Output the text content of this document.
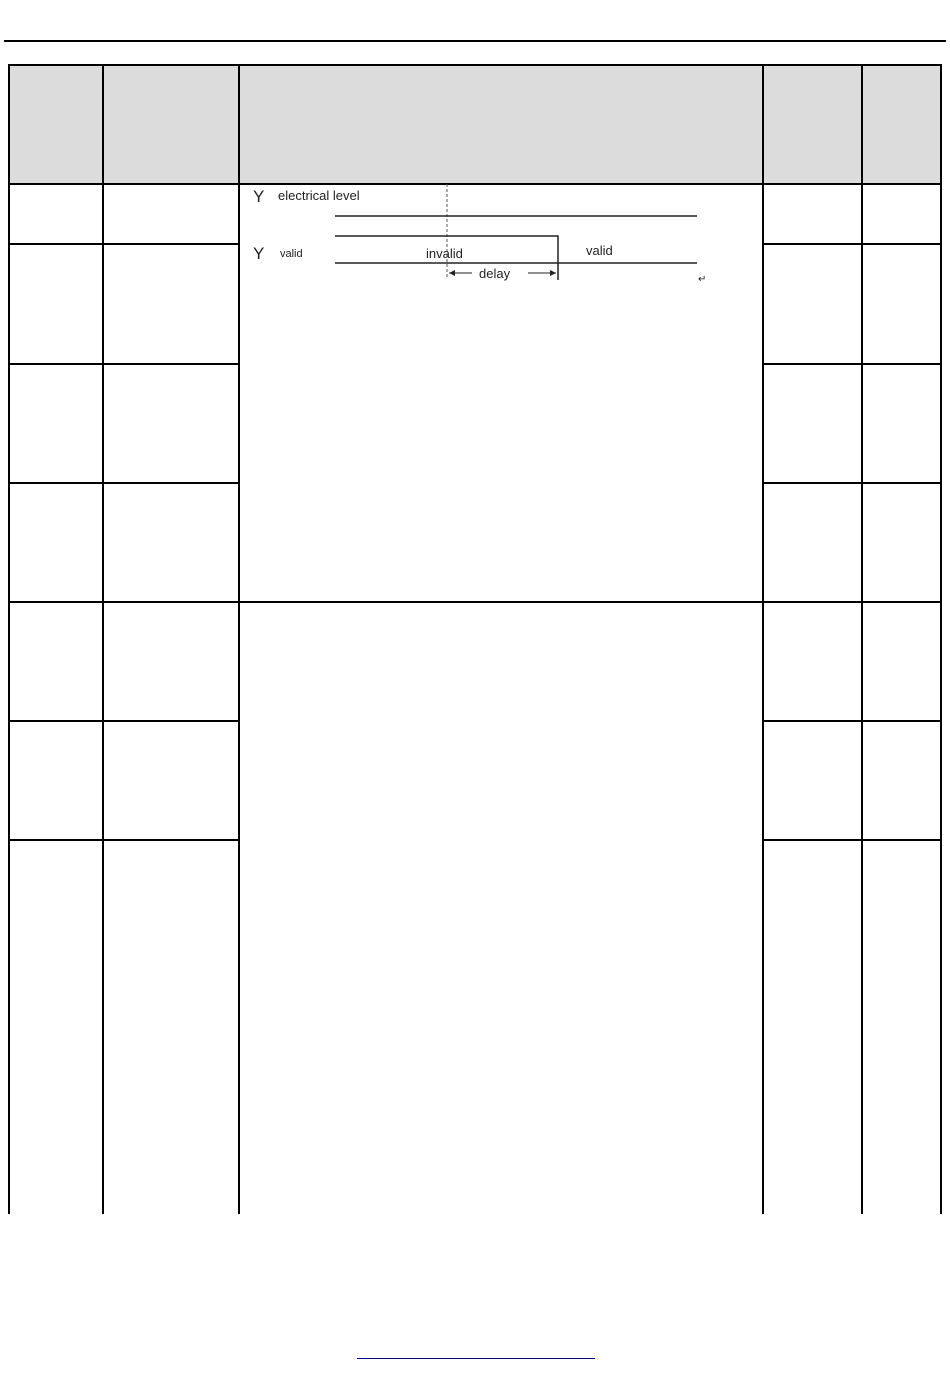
Y electrical level
Y valid	invalid	valid
delay	↵
